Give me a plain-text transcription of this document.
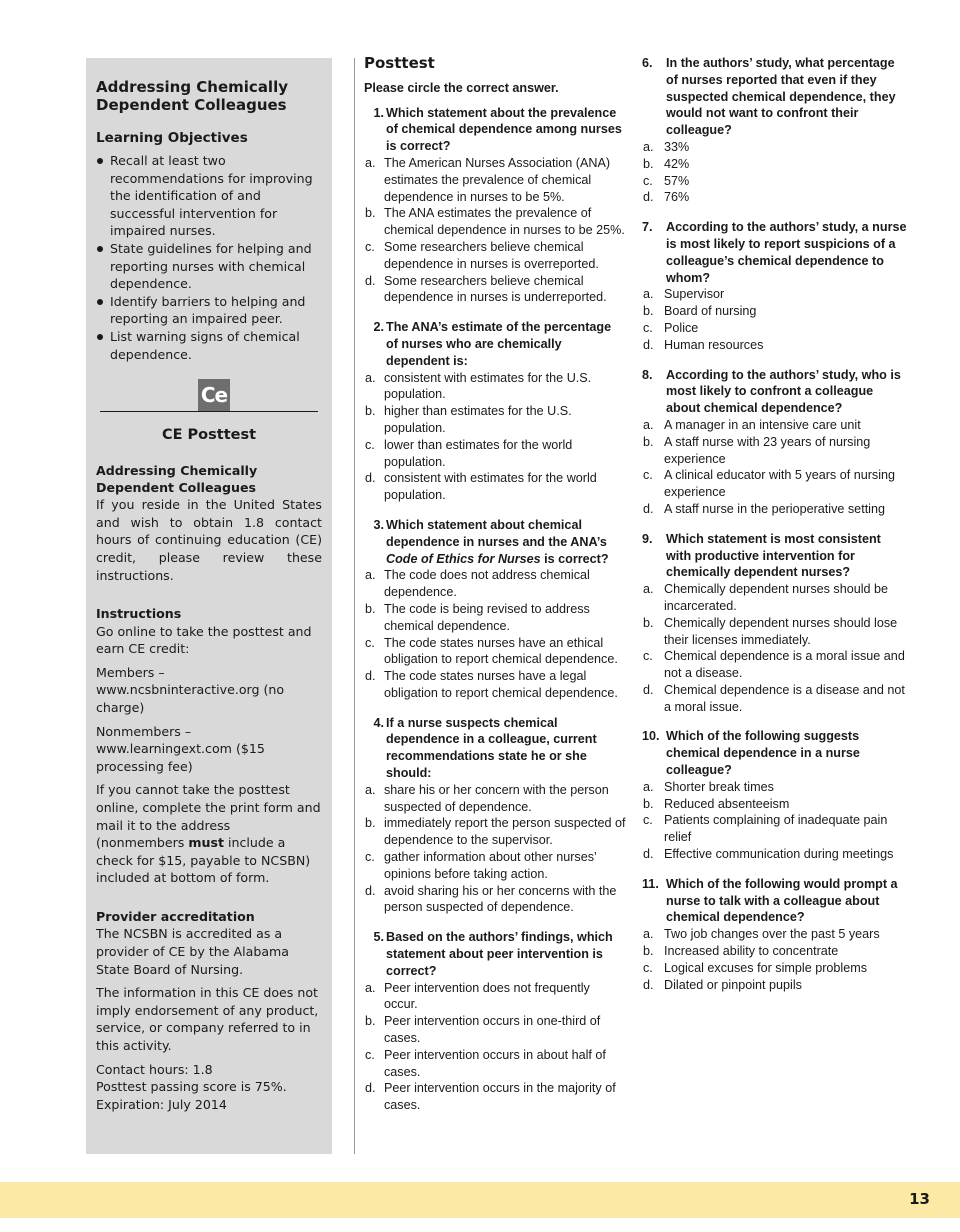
Addressing Chemically Dependent Colleagues
Learning Objectives
Recall at least two recommendations for improving the identification of and successful intervention for impaired nurses.
State guidelines for helping and reporting nurses with chemical dependence.
Identify barriers to helping and reporting an impaired peer.
List warning signs of chemical dependence.
Ce
CE Posttest
Addressing Chemically Dependent Colleagues

If you reside in the United States and wish to obtain 1.8 contact hours of continuing education (CE) credit, please review these instructions.

Instructions

Go online to take the posttest and earn CE credit:

Members – www.ncsbninteractive.org (no charge)

Nonmembers – www.learningext.com ($15 processing fee)

If you cannot take the posttest online, complete the print form and mail it to the address (nonmembers must include a check for $15, payable to NCSBN) included at bottom of form.

Provider accreditation

The NCSBN is accredited as a provider of CE by the Alabama State Board of Nursing.

The information in this CE does not imply endorsement of any product, service, or company referred to in this activity.

Contact hours: 1.8

Posttest passing score is 75%.

Expiration: July 2014

Posttest
Please circle the correct answer.
1. Which statement about the prevalence of chemical dependence among nurses is correct?
a. The American Nurses Association (ANA) estimates the prevalence of chemical dependence in nurses to be 5%.
b. The ANA estimates the prevalence of chemical dependence in nurses to be 25%.
c. Some researchers believe chemical dependence in nurses is overreported.
d. Some researchers believe chemical dependence in nurses is underreported.
2. The ANA’s estimate of the percentage of nurses who are chemically dependent is:
a. consistent with estimates for the U.S. population.
b. higher than estimates for the U.S. population.
c. lower than estimates for the world population.
d. consistent with estimates for the world population.
3. Which statement about chemical dependence in nurses and the ANA’s Code of Ethics for Nurses is correct?
a. The code does not address chemical dependence.
b. The code is being revised to address chemical dependence.
c. The code states nurses have an ethical obligation to report chemical dependence.
d. The code states nurses have a legal obligation to report chemical dependence.
4. If a nurse suspects chemical dependence in a colleague, current recommendations state he or she should:
a. share his or her concern with the person suspected of dependence.
b. immediately report the person suspected of dependence to the supervisor.
c. gather information about other nurses’ opinions before taking action.
d. avoid sharing his or her concerns with the person suspected of dependence.
5. Based on the authors’ findings, which statement about peer intervention is correct?
a. Peer intervention does not frequently occur.
b. Peer intervention occurs in one-third of cases.
c. Peer intervention occurs in about half of cases.
d. Peer intervention occurs in the majority of cases.
6.	In the authors’ study, what percentage of nurses reported that even if they suspected chemical dependence, they would not want to confront their colleague?
a. 33%
b. 42%
c. 57%
d. 76%
7.	According to the authors’ study, a nurse is most likely to report suspicions of a colleague’s chemical dependence to whom?
a. Supervisor
b. Board of nursing
c. Police
d. Human resources
8.	According to the authors’ study, who is most likely to confront a colleague about chemical dependence?
a. A manager in an intensive care unit
b. A staff nurse with 23 years of nursing experience
c. A clinical educator with 5 years of nursing experience
d. A staff nurse in the perioperative setting
9.	Which statement is most consistent with productive intervention for chemically dependent nurses?
a. Chemically dependent nurses should be incarcerated.
b. Chemically dependent nurses should lose their licenses immediately.
c. Chemical dependence is a moral issue and not a disease.
d. Chemical dependence is a disease and not a moral issue.
10. Which of the following suggests chemical dependence in a nurse colleague?
a. Shorter break times
b. Reduced absenteeism
c. Patients complaining of inadequate pain relief
d. Effective communication during meetings
11. Which of the following would prompt a nurse to talk with a colleague about chemical dependence?
a. Two job changes over the past 5 years
b. Increased ability to concentrate
c. Logical excuses for simple problems
d. Dilated or pinpoint pupils
13
